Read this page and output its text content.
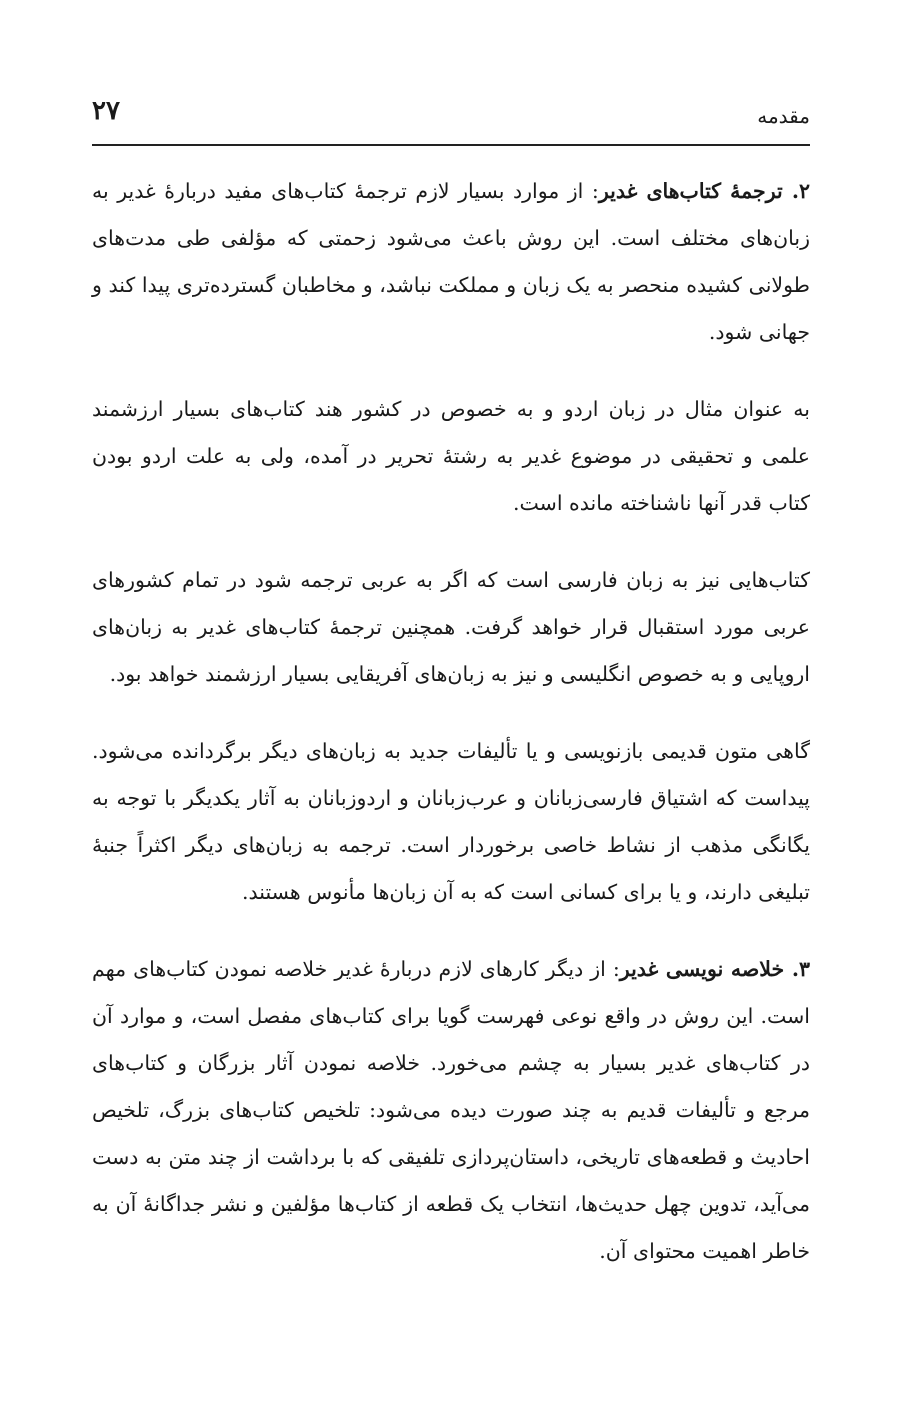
مقدمه
۲۷

۲. ترجمهٔ کتاب‌های غدیر: از موارد بسیار لازم ترجمهٔ کتاب‌های مفید دربارهٔ غدیر به زبان‌های مختلف است. این روش باعث می‌شود زحمتی که مؤلفی طی مدت‌های طولانی کشیده منحصر به یک زبان و مملکت نباشد، و مخاطبان گسترده‌تری پیدا کند و جهانی شود.

به عنوان مثال در زبان اردو و به خصوص در کشور هند کتاب‌های بسیار ارزشمند علمی و تحقیقی در موضوع غدیر به رشتهٔ تحریر در آمده، ولی به علت اردو بودن کتاب قدر آنها ناشناخته مانده است.

کتاب‌هایی نیز به زبان فارسی است که اگر به عربی ترجمه شود در تمام کشورهای عربی مورد استقبال قرار خواهد گرفت. همچنین ترجمهٔ کتاب‌های غدیر به زبان‌های اروپایی و به خصوص انگلیسی و نیز به زبان‌های آفریقایی بسیار ارزشمند خواهد بود.

گاهی متون قدیمی بازنویسی و یا تألیفات جدید به زبان‌های دیگر برگردانده می‌شود. پیداست که اشتیاق فارسی‌زبانان و عرب‌زبانان و اردوزبانان به آثار یکدیگر با توجه به یگانگی مذهب از نشاط خاصی برخوردار است. ترجمه به زبان‌های دیگر اکثراً جنبهٔ تبلیغی دارند، و یا برای کسانی است که به آن زبان‌ها مأنوس هستند.

۳. خلاصه نویسی غدیر: از دیگر کارهای لازم دربارهٔ غدیر خلاصه نمودن کتاب‌های مهم است. این روش در واقع نوعی فهرست گویا برای کتاب‌های مفصل است، و موارد آن در کتاب‌های غدیر بسیار به چشم می‌خورد. خلاصه نمودن آثار بزرگان و کتاب‌های مرجع و تألیفات قدیم به چند صورت دیده می‌شود: تلخیص کتاب‌های بزرگ، تلخیص احادیث و قطعه‌های تاریخی، داستان‌پردازی تلفیقی که با برداشت از چند متن به دست می‌آید، تدوین چهل حدیث‌ها، انتخاب یک قطعه از کتاب‌ها مؤلفین و نشر جداگانهٔ آن به خاطر اهمیت محتوای آن.
